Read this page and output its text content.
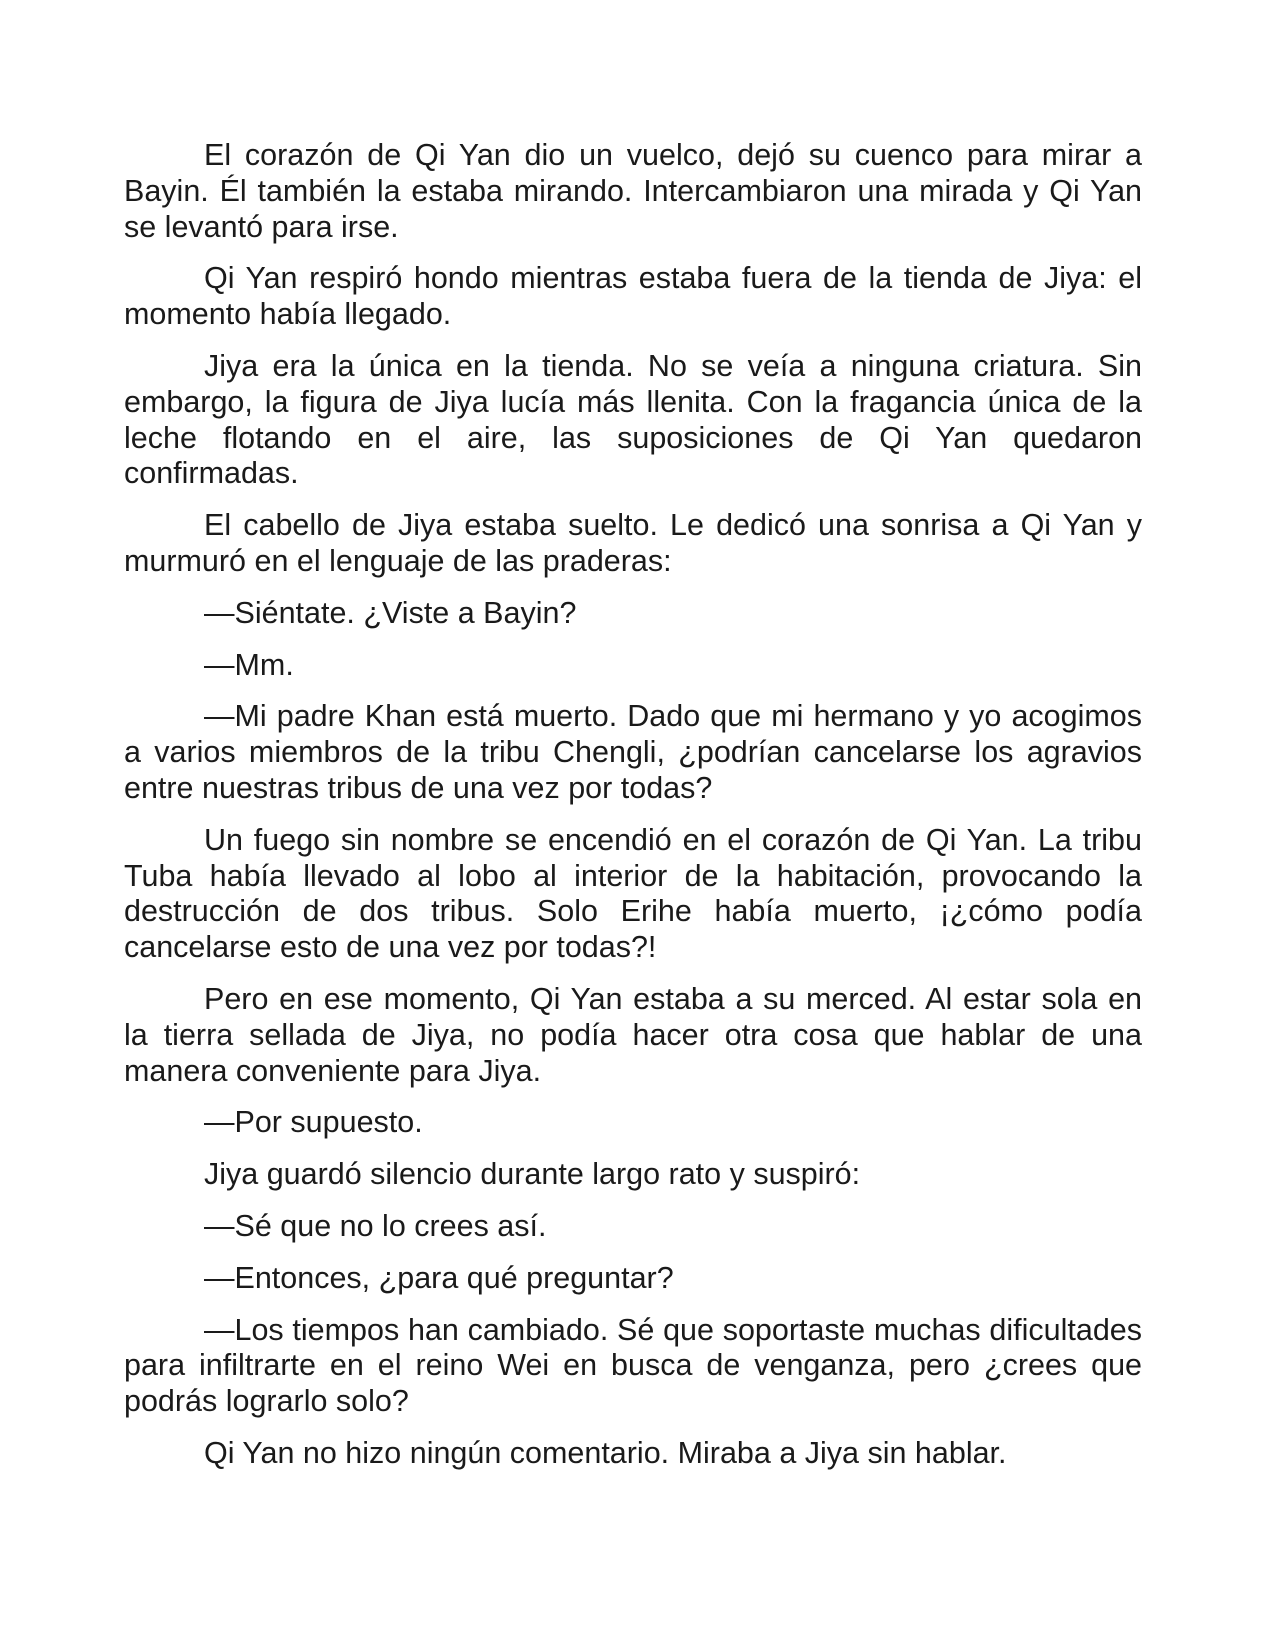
El corazón de Qi Yan dio un vuelco, dejó su cuenco para mirar a Bayin. Él también la estaba mirando. Intercambiaron una mirada y Qi Yan se levantó para irse.

Qi Yan respiró hondo mientras estaba fuera de la tienda de Jiya: el momento había llegado.

Jiya era la única en la tienda. No se veía a ninguna criatura. Sin embargo, la figura de Jiya lucía más llenita. Con la fragancia única de la leche flotando en el aire, las suposiciones de Qi Yan quedaron confirmadas.

El cabello de Jiya estaba suelto. Le dedicó una sonrisa a Qi Yan y murmuró en el lenguaje de las praderas:

—Siéntate. ¿Viste a Bayin?

—Mm.

—Mi padre Khan está muerto. Dado que mi hermano y yo acogimos a varios miembros de la tribu Chengli, ¿podrían cancelarse los agravios entre nuestras tribus de una vez por todas?

Un fuego sin nombre se encendió en el corazón de Qi Yan. La tribu Tuba había llevado al lobo al interior de la habitación, provocando la destrucción de dos tribus. Solo Erihe había muerto, ¡¿cómo podía cancelarse esto de una vez por todas?!

Pero en ese momento, Qi Yan estaba a su merced. Al estar sola en la tierra sellada de Jiya, no podía hacer otra cosa que hablar de una manera conveniente para Jiya.

—Por supuesto.

Jiya guardó silencio durante largo rato y suspiró:

—Sé que no lo crees así.

—Entonces, ¿para qué preguntar?

—Los tiempos han cambiado. Sé que soportaste muchas dificultades para infiltrarte en el reino Wei en busca de venganza, pero ¿crees que podrás lograrlo solo?

Qi Yan no hizo ningún comentario. Miraba a Jiya sin hablar.
